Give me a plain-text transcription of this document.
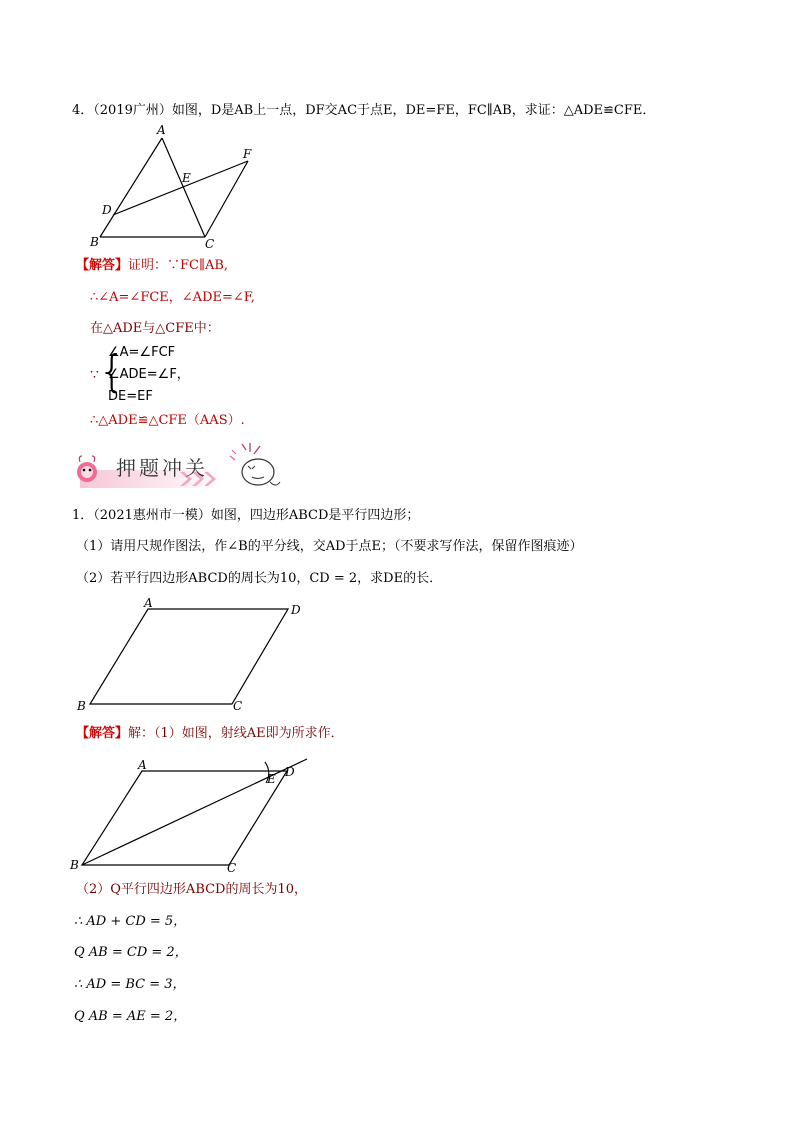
4．（2019广州）如图，D是AB上一点，DF交AC于点E，DE=FE，FC∥AB，求证：△ADE≌CFE．
A
B	C
D
E
F
【解答】证明：∵FC∥AB,
∴∠A=∠FCE，∠ADE=∠F,
在△ADE与△CFE中：
∵ {
∠A=∠FCF
∠ADE=∠F，
DE=EF
∴△ADE≌△CFE（AAS）.
押题冲关
1．（2021惠州市一模）如图，四边形ABCD是平行四边形；
（1）请用尺规作图法，作∠B的平分线，交AD于点E；（不要求写作法，保留作图痕迹）
（2）若平行四边形ABCD的周长为10，CD = 2，求DE的长．
A	D
B	C
【解答】解：（1）如图，射线AE即为所求作．
A
E D
B	C
（2）Q平行四边形ABCD的周长为10，
∴ AD + CD = 5，
Q AB = CD = 2，
∴ AD = BC = 3，
Q AB = AE = 2，
